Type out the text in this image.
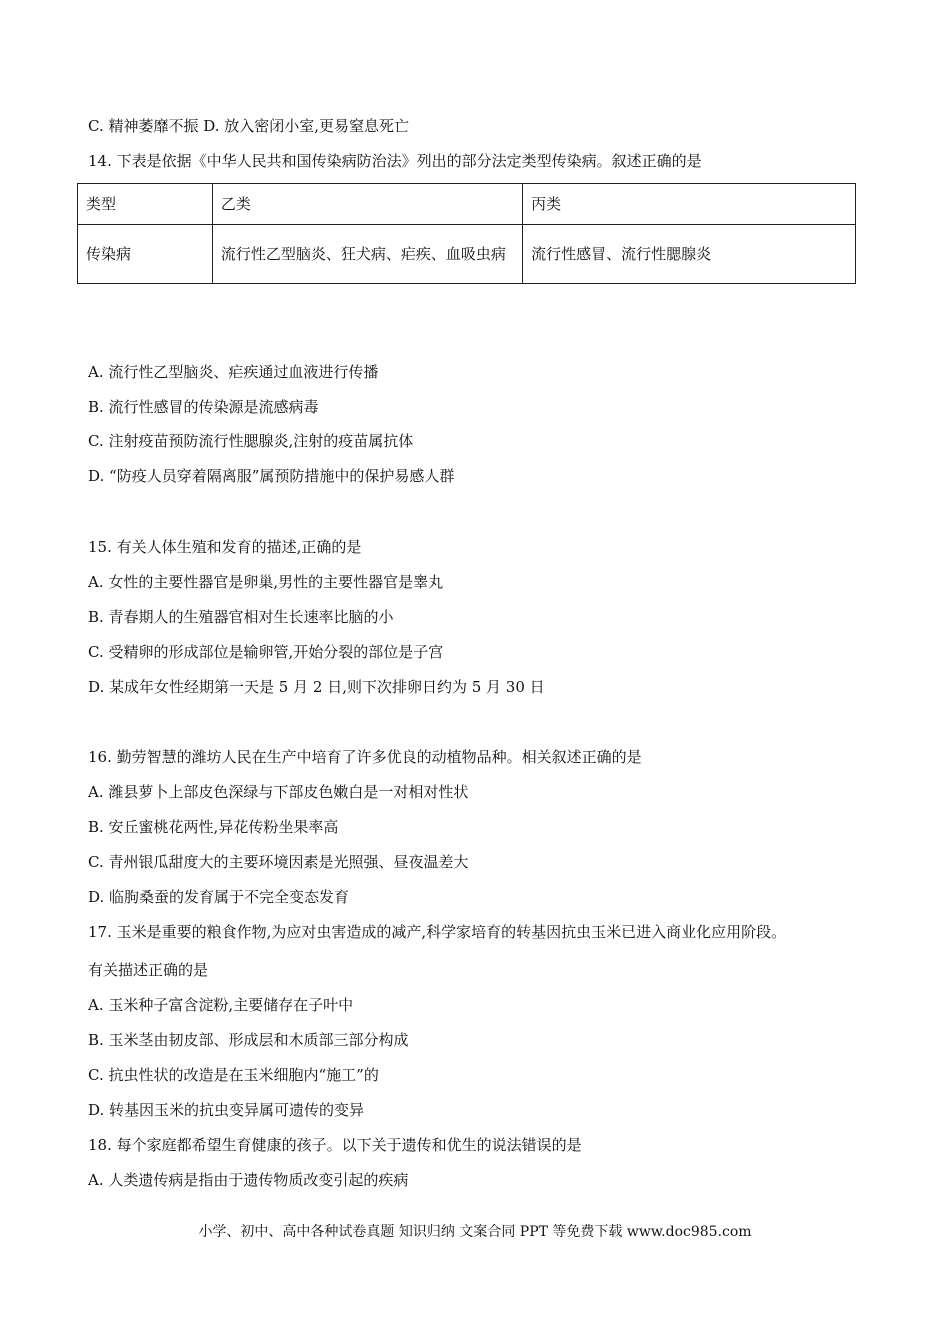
C. 精神萎靡不振 D. 放入密闭小室,更易窒息死亡
14. 下表是依据《中华人民共和国传染病防治法》列出的部分法定类型传染病。叙述正确的是
类型	乙类	丙类
传染病	流行性乙型脑炎、狂犬病、疟疾、血吸虫病	流行性感冒、流行性腮腺炎
A. 流行性乙型脑炎、疟疾通过血液进行传播
B. 流行性感冒的传染源是流感病毒
C. 注射疫苗预防流行性腮腺炎,注射的疫苗属抗体
D. “防疫人员穿着隔离服”属预防措施中的保护易感人群
15. 有关人体生殖和发育的描述,正确的是
A. 女性的主要性器官是卵巢,男性的主要性器官是睾丸
B. 青春期人的生殖器官相对生长速率比脑的小
C. 受精卵的形成部位是输卵管,开始分裂的部位是子宫
D. 某成年女性经期第一天是 5 月 2 日,则下次排卵日约为 5 月 30 日
16. 勤劳智慧的潍坊人民在生产中培育了许多优良的动植物品种。相关叙述正确的是
A. 潍县萝卜上部皮色深绿与下部皮色嫩白是一对相对性状
B. 安丘蜜桃花两性,异花传粉坐果率高
C. 青州银瓜甜度大的主要环境因素是光照强、昼夜温差大
D. 临朐桑蚕的发育属于不完全变态发育
17. 玉米是重要的粮食作物,为应对虫害造成的减产,科学家培育的转基因抗虫玉米已进入商业化应用阶段。
有关描述正确的是
A. 玉米种子富含淀粉,主要储存在子叶中
B. 玉米茎由韧皮部、形成层和木质部三部分构成
C. 抗虫性状的改造是在玉米细胞内“施工”的
D. 转基因玉米的抗虫变异属可遗传的变异
18. 每个家庭都希望生育健康的孩子。以下关于遗传和优生的说法错误的是
A. 人类遗传病是指由于遗传物质改变引起的疾病
小学、初中、高中各种试卷真题 知识归纳 文案合同 PPT 等免费下载 www.doc985.com
